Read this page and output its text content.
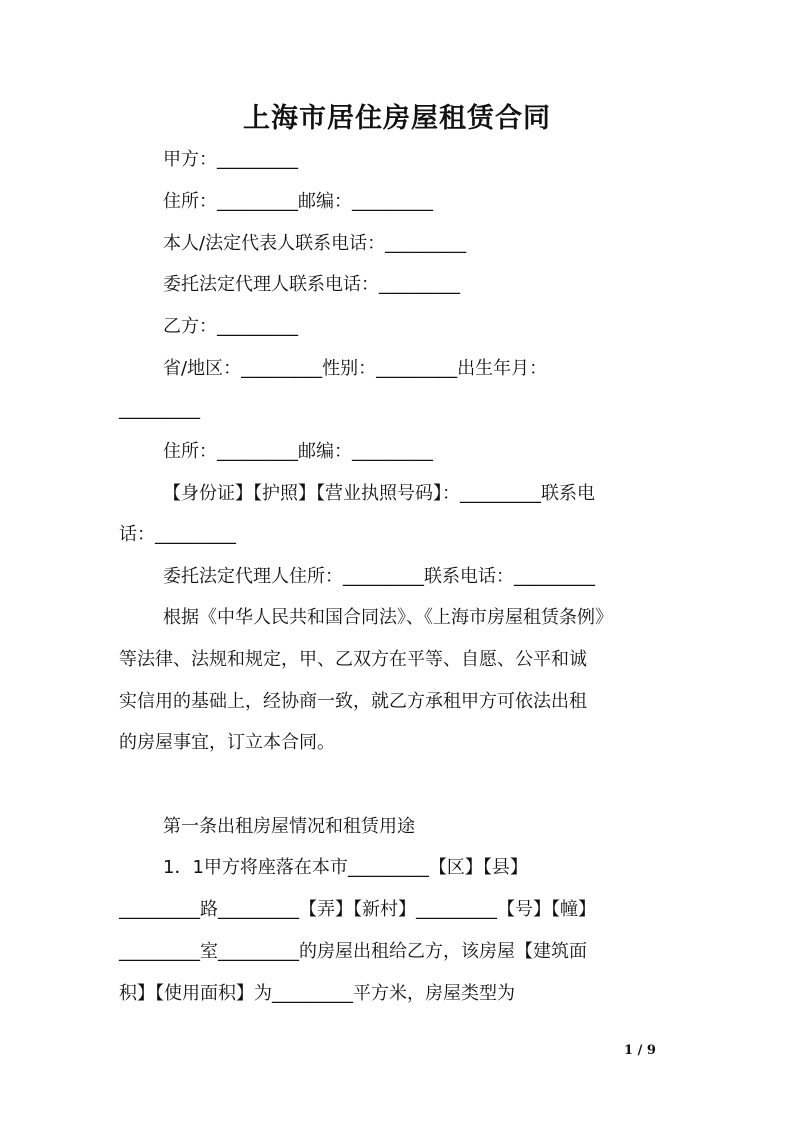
上海市居住房屋租赁合同
甲方：_________
住所：_________邮编：_________
本人/法定代表人联系电话：_________
委托法定代理人联系电话：_________
乙方：_________
省/地区：_________性别：_________出生年月：
_________
住所：_________邮编：_________
【身份证】【护照】【营业执照号码】：_________联系电
话：_________
委托法定代理人住所：_________联系电话：_________
根据《中华人民共和国合同法》、《上海市房屋租赁条例》
等法律、法规和规定，甲、乙双方在平等、自愿、公平和诚
实信用的基础上，经协商一致，就乙方承租甲方可依法出租
的房屋事宜，订立本合同。
第一条出租房屋情况和租赁用途
1．1甲方将座落在本市_________【区】【县】
_________路_________【弄】【新村】_________【号】【幢】
_________室_________的房屋出租给乙方，该房屋【建筑面
积】【使用面积】为_________平方米，房屋类型为
1 / 9
